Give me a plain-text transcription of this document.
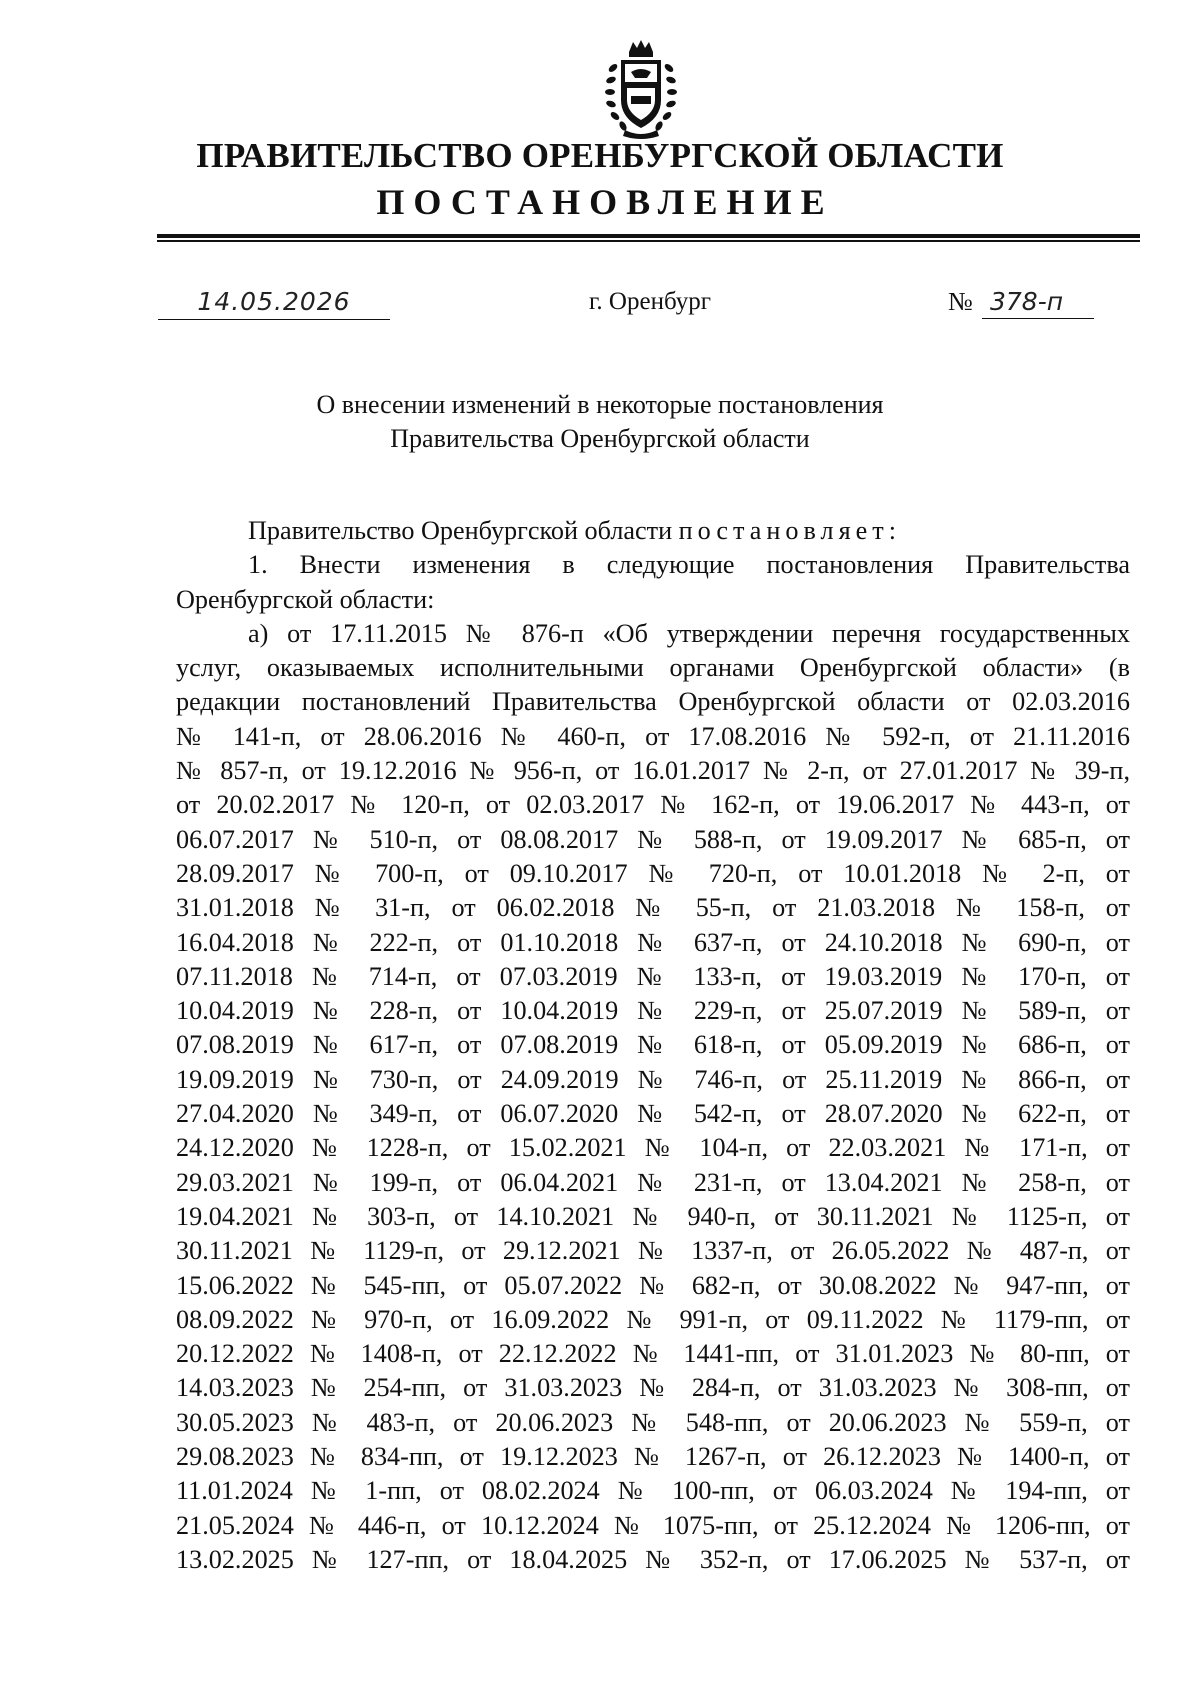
ПРАВИТЕЛЬСТВО ОРЕНБУРГСКОЙ ОБЛАСТИ
ПОСТАНОВЛЕНИЕ
14.05.2026	г. Оренбург	№ 378-п
О внесении изменений в некоторые постановления
Правительства Оренбургской области

Правительство Оренбургской области постановляет:

1. Внести изменения в следующие постановления Правительства
Оренбургской области:
а) от 17.11.2015 № 876-п «Об утверждении перечня государственных
услуг, оказываемых исполнительными органами Оренбургской области» (в
редакции постановлений Правительства Оренбургской области от 02.03.2016
№ 141-п, от 28.06.2016 № 460-п, от 17.08.2016 № 592-п, от 21.11.2016
№ 857-п, от 19.12.2016 № 956-п, от 16.01.2017 № 2-п, от 27.01.2017 № 39-п,
от 20.02.2017 № 120-п, от 02.03.2017 № 162-п, от 19.06.2017 № 443-п, от
06.07.2017 № 510-п, от 08.08.2017 № 588-п, от 19.09.2017 № 685-п, от
28.09.2017 № 700-п, от 09.10.2017 № 720-п, от 10.01.2018 № 2-п, от
31.01.2018 № 31-п, от 06.02.2018 № 55-п, от 21.03.2018 № 158-п, от
16.04.2018 № 222-п, от 01.10.2018 № 637-п, от 24.10.2018 № 690-п, от
07.11.2018 № 714-п, от 07.03.2019 № 133-п, от 19.03.2019 № 170-п, от
10.04.2019 № 228-п, от 10.04.2019 № 229-п, от 25.07.2019 № 589-п, от
07.08.2019 № 617-п, от 07.08.2019 № 618-п, от 05.09.2019 № 686-п, от
19.09.2019 № 730-п, от 24.09.2019 № 746-п, от 25.11.2019 № 866-п, от
27.04.2020 № 349-п, от 06.07.2020 № 542-п, от 28.07.2020 № 622-п, от
24.12.2020 № 1228-п, от 15.02.2021 № 104-п, от 22.03.2021 № 171-п, от
29.03.2021 № 199-п, от 06.04.2021 № 231-п, от 13.04.2021 № 258-п, от
19.04.2021 № 303-п, от 14.10.2021 № 940-п, от 30.11.2021 № 1125-п, от
30.11.2021 № 1129-п, от 29.12.2021 № 1337-п, от 26.05.2022 № 487-п, от
15.06.2022 № 545-пп, от 05.07.2022 № 682-п, от 30.08.2022 № 947-пп, от
08.09.2022 № 970-п, от 16.09.2022 № 991-п, от 09.11.2022 № 1179-пп, от
20.12.2022 № 1408-п, от 22.12.2022 № 1441-пп, от 31.01.2023 № 80-пп, от
14.03.2023 № 254-пп, от 31.03.2023 № 284-п, от 31.03.2023 № 308-пп, от
30.05.2023 № 483-п, от 20.06.2023 № 548-пп, от 20.06.2023 № 559-п, от
29.08.2023 № 834-пп, от 19.12.2023 № 1267-п, от 26.12.2023 № 1400-п, от
11.01.2024 № 1-пп, от 08.02.2024 № 100-пп, от 06.03.2024 № 194-пп, от
21.05.2024 № 446-п, от 10.12.2024 № 1075-пп, от 25.12.2024 № 1206-пп, от
13.02.2025 № 127-пп, от 18.04.2025 № 352-п, от 17.06.2025 № 537-п, от
